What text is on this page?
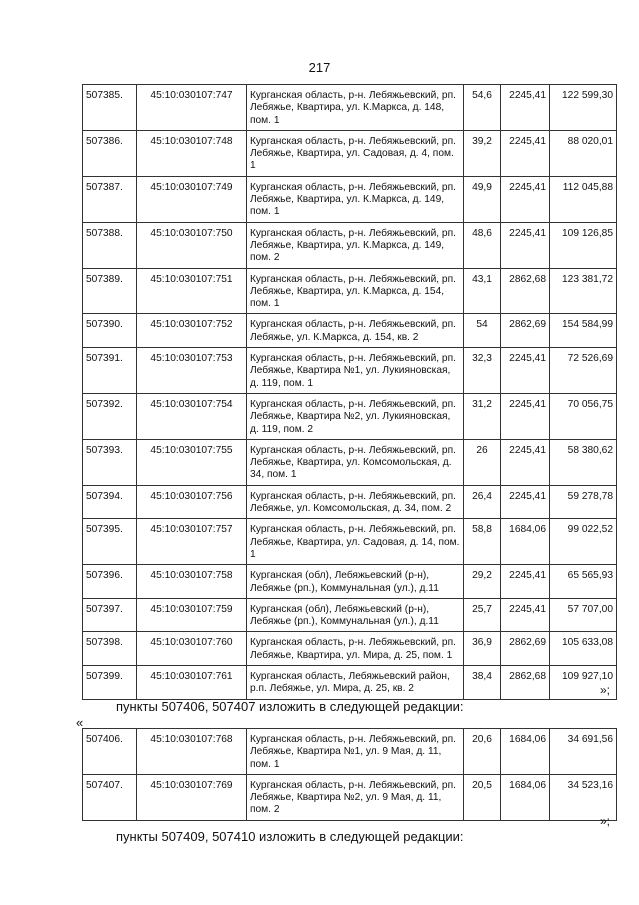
217
507385.	45:10:030107:747	Курганская область, р-н. Лебяжьевский, рп. Лебяжье, Квартира, ул. К.Маркса, д. 148, пом. 1	54,6	2245,41	122 599,30
507386.	45:10:030107:748	Курганская область, р-н. Лебяжьевский, рп. Лебяжье, Квартира, ул. Садовая, д. 4, пом. 1	39,2	2245,41	88 020,01
507387.	45:10:030107:749	Курганская область, р-н. Лебяжьевский, рп. Лебяжье, Квартира, ул. К.Маркса, д. 149, пом. 1	49,9	2245,41	112 045,88
507388.	45:10:030107:750	Курганская область, р-н. Лебяжьевский, рп. Лебяжье, Квартира, ул. К.Маркса, д. 149, пом. 2	48,6	2245,41	109 126,85
507389.	45:10:030107:751	Курганская область, р-н. Лебяжьевский, рп. Лебяжье, Квартира, ул. К.Маркса, д. 154, пом. 1	43,1	2862,68	123 381,72
507390.	45:10:030107:752	Курганская область, р-н. Лебяжьевский, рп. Лебяжье, ул. К.Маркса, д. 154, кв. 2	54	2862,69	154 584,99
507391.	45:10:030107:753	Курганская область, р-н. Лебяжьевский, рп. Лебяжье, Квартира №1, ул. Лукияновская, д. 119, пом. 1	32,3	2245,41	72 526,69
507392.	45:10:030107:754	Курганская область, р-н. Лебяжьевский, рп. Лебяжье, Квартира №2, ул. Лукияновская, д. 119, пом. 2	31,2	2245,41	70 056,75
507393.	45:10:030107:755	Курганская область, р-н. Лебяжьевский, рп. Лебяжье, Квартира, ул. Комсомольская, д. 34, пом. 1	26	2245,41	58 380,62
507394.	45:10:030107:756	Курганская область, р-н. Лебяжьевский, рп. Лебяжье, ул. Комсомольская, д. 34, пом. 2	26,4	2245,41	59 278,78
507395.	45:10:030107:757	Курганская область, р-н. Лебяжьевский, рп. Лебяжье, Квартира, ул. Садовая, д. 14, пом. 1	58,8	1684,06	99 022,52
507396.	45:10:030107:758	Курганская (обл), Лебяжьевский (р-н), Лебяжье (рп.), Коммунальная (ул.), д.11	29,2	2245,41	65 565,93
507397.	45:10:030107:759	Курганская (обл), Лебяжьевский (р-н), Лебяжье (рп.), Коммунальная (ул.), д.11	25,7	2245,41	57 707,00
507398.	45:10:030107:760	Курганская область, р-н. Лебяжьевский, рп. Лебяжье, Квартира, ул. Мира, д. 25, пом. 1	36,9	2862,69	105 633,08
507399.	45:10:030107:761	Курганская область, Лебяжьевский район, р.п. Лебяжье, ул. Мира, д. 25, кв. 2	38,4	2862,68	109 927,10
»;
пункты 507406, 507407 изложить в следующей редакции:
«
507406.	45:10:030107:768	Курганская область, р-н. Лебяжьевский, рп. Лебяжье, Квартира №1, ул. 9 Мая, д. 11, пом. 1	20,6	1684,06	34 691,56
507407.	45:10:030107:769	Курганская область, р-н. Лебяжьевский, рп. Лебяжье, Квартира №2, ул. 9 Мая, д. 11, пом. 2	20,5	1684,06	34 523,16
»;
пункты 507409, 507410 изложить в следующей редакции:
